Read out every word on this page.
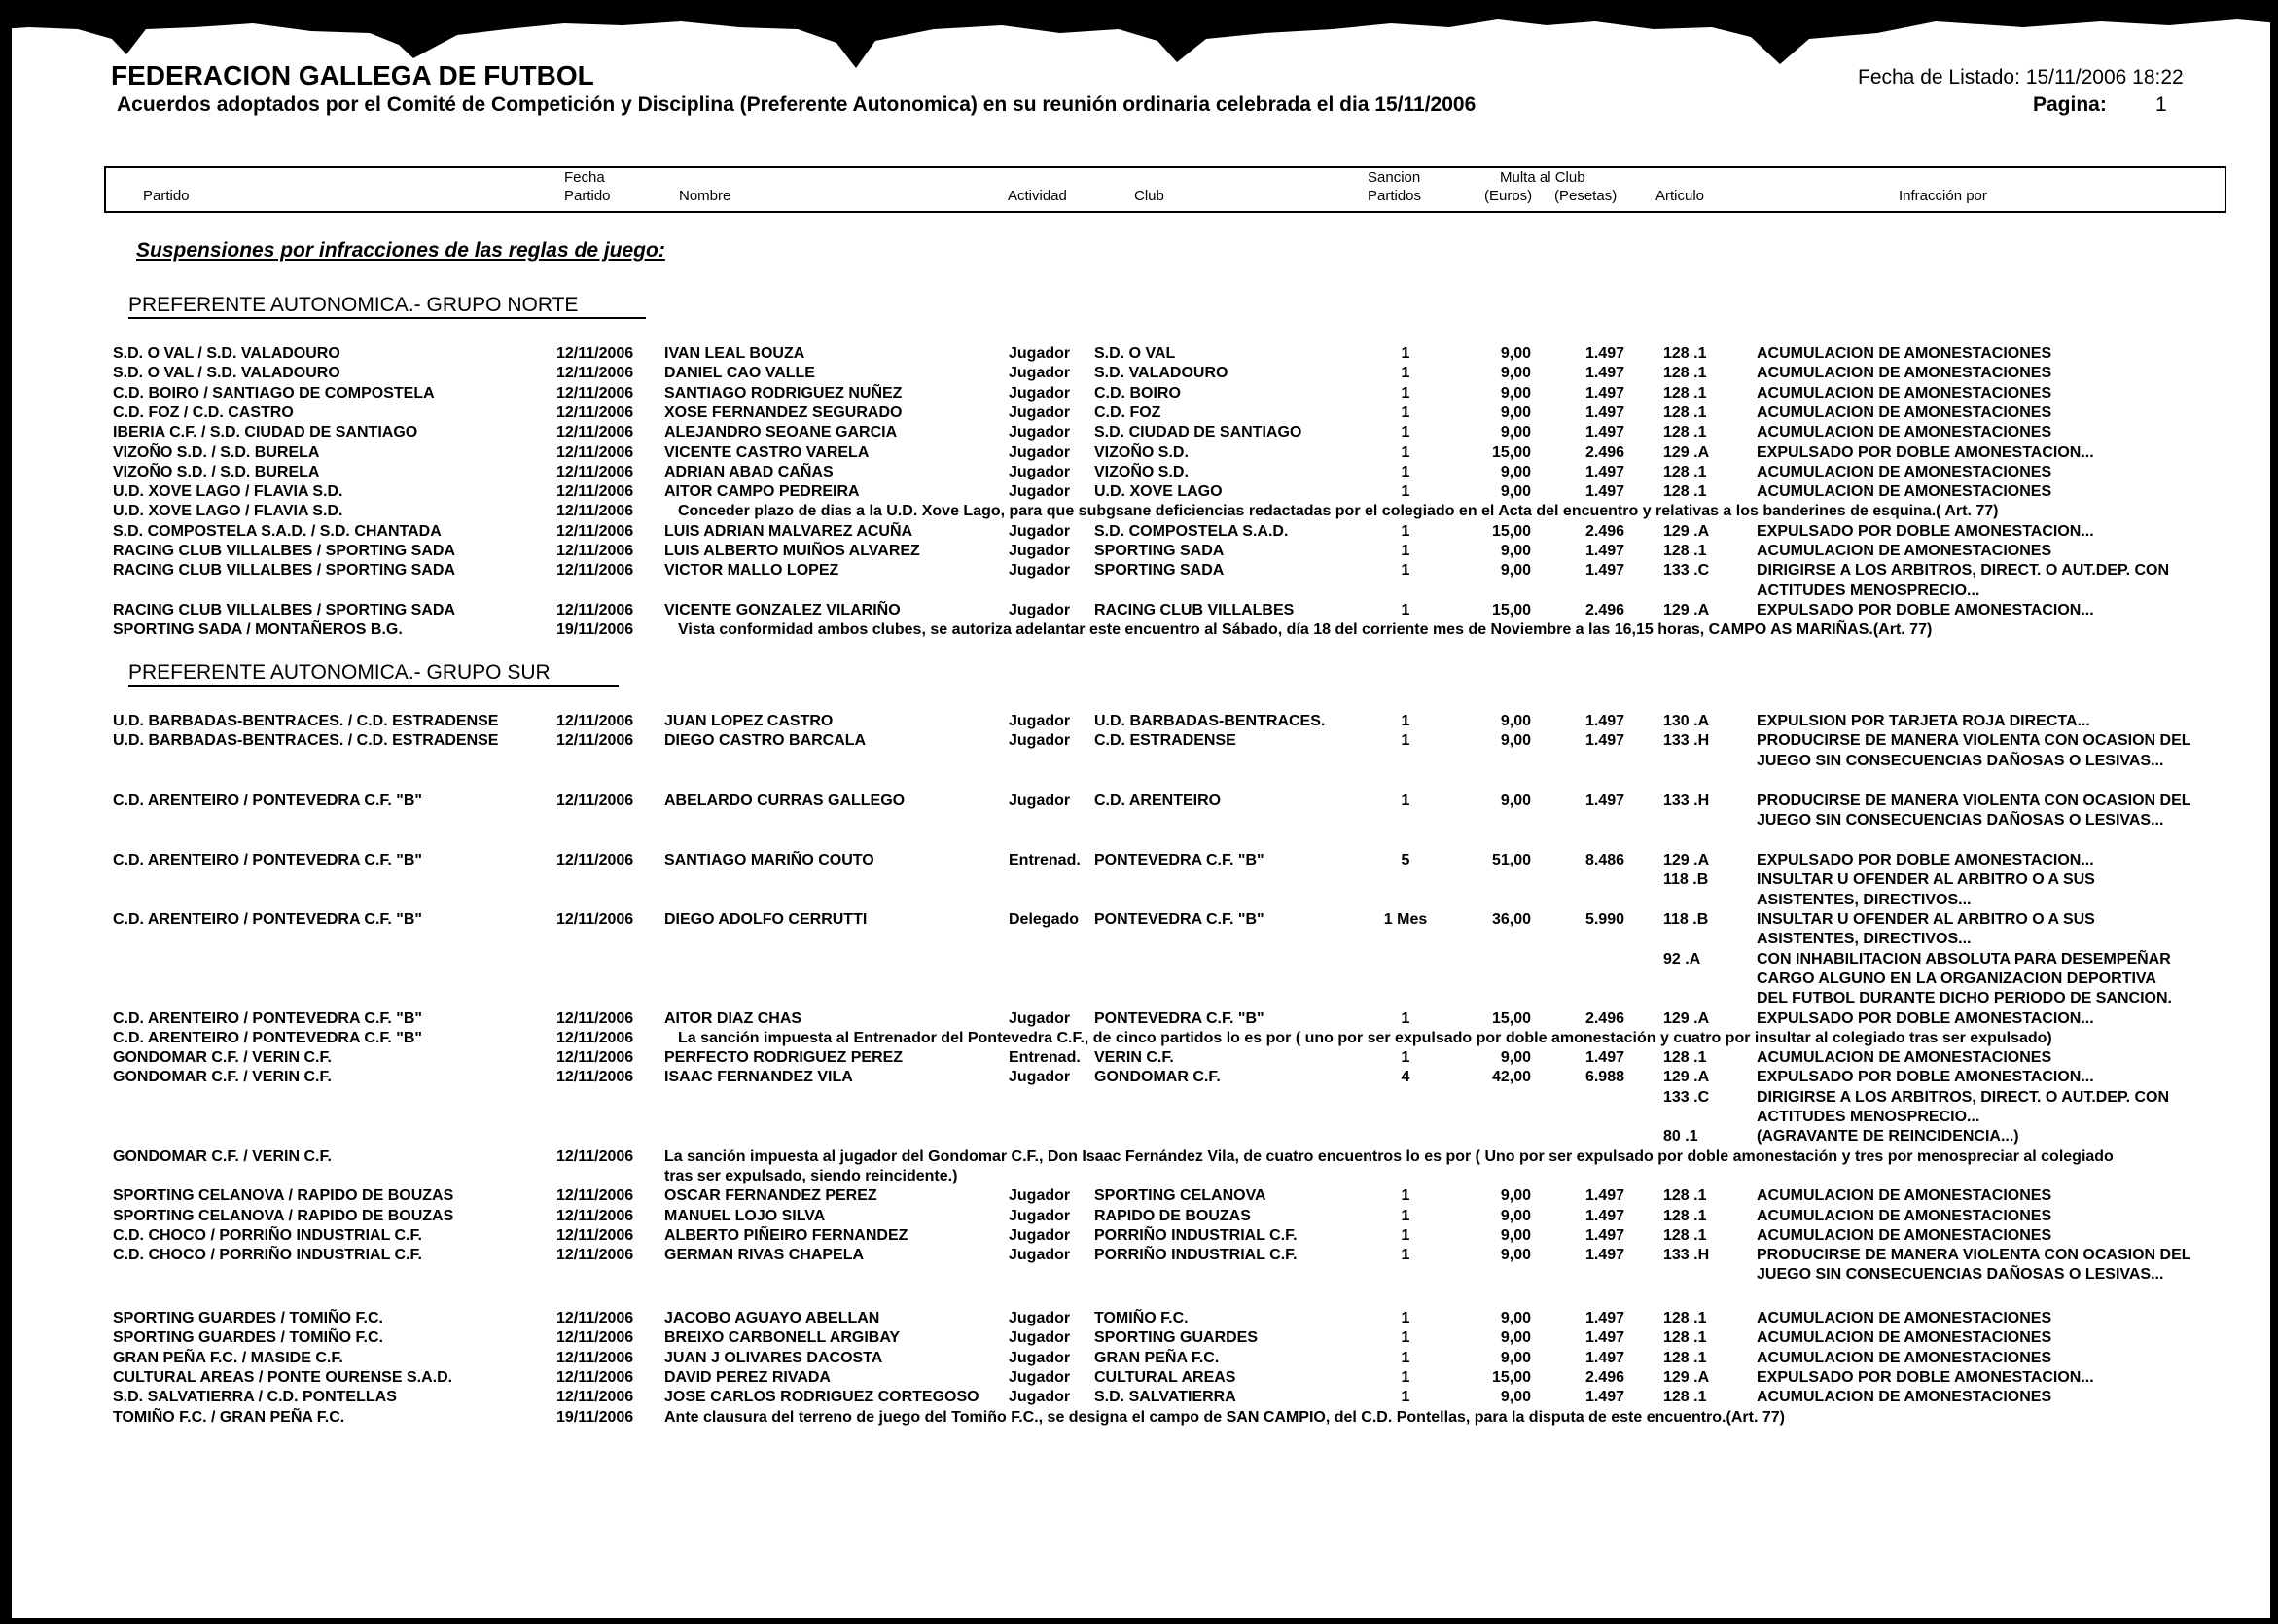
FEDERACION GALLEGA DE FUTBOL
Acuerdos adoptados por el Comité de Competición y Disciplina (Preferente Autonomica) en su reunión ordinaria celebrada el dia 15/11/2006
Fecha de Listado: 15/11/2006 18:22
Pagina: 1
Partido
Fecha
Partido	Nombre	Actividad	Club
Sancion
Partidos
Multa al Club
(Euros) (Pesetas)	Articulo	Infracción por
Suspensiones por infracciones de las reglas de juego:
PREFERENTE AUTONOMICA.- GRUPO NORTE
S.D. O VAL / S.D. VALADOURO	12/11/2006 IVAN LEAL BOUZA	Jugador S.D. O VAL	1	9,00	1.497	128 .1	ACUMULACION DE AMONESTACIONES
S.D. O VAL / S.D. VALADOURO	12/11/2006 DANIEL CAO VALLE	Jugador S.D. VALADOURO	1	9,00	1.497	128 .1	ACUMULACION DE AMONESTACIONES
C.D. BOIRO / SANTIAGO DE COMPOSTELA	12/11/2006 SANTIAGO RODRIGUEZ NUÑEZ	Jugador C.D. BOIRO	1	9,00	1.497	128 .1	ACUMULACION DE AMONESTACIONES
C.D. FOZ / C.D. CASTRO	12/11/2006 XOSE FERNANDEZ SEGURADO	Jugador C.D. FOZ	1	9,00	1.497	128 .1	ACUMULACION DE AMONESTACIONES
IBERIA C.F. / S.D. CIUDAD DE SANTIAGO	12/11/2006 ALEJANDRO SEOANE GARCIA	Jugador S.D. CIUDAD DE SANTIAGO	1	9,00	1.497	128 .1	ACUMULACION DE AMONESTACIONES
VIZOÑO S.D. / S.D. BURELA	12/11/2006 VICENTE CASTRO VARELA	Jugador VIZOÑO S.D.	1	15,00	2.496	129 .A	EXPULSADO POR DOBLE AMONESTACION...
VIZOÑO S.D. / S.D. BURELA	12/11/2006 ADRIAN ABAD CAÑAS	Jugador VIZOÑO S.D.	1	9,00	1.497	128 .1	ACUMULACION DE AMONESTACIONES
U.D. XOVE LAGO / FLAVIA S.D.	12/11/2006 AITOR CAMPO PEDREIRA	Jugador U.D. XOVE LAGO	1	9,00	1.497	128 .1	ACUMULACION DE AMONESTACIONES
U.D. XOVE LAGO / FLAVIA S.D.	12/11/2006	Conceder plazo de dias a la U.D. Xove Lago, para que subgsane deficiencias redactadas por el colegiado en el Acta del encuentro y relativas a los banderines de esquina.( Art. 77)
S.D. COMPOSTELA S.A.D. / S.D. CHANTADA	12/11/2006 LUIS ADRIAN MALVAREZ ACUÑA	Jugador S.D. COMPOSTELA S.A.D.	1	15,00	2.496	129 .A	EXPULSADO POR DOBLE AMONESTACION...
RACING CLUB VILLALBES / SPORTING SADA	12/11/2006 LUIS ALBERTO MUIÑOS ALVAREZ	Jugador SPORTING SADA	1	9,00	1.497	128 .1	ACUMULACION DE AMONESTACIONES
RACING CLUB VILLALBES / SPORTING SADA	12/11/2006 VICTOR MALLO LOPEZ	Jugador SPORTING SADA	1	9,00	1.497	133 .C	DIRIGIRSE A LOS ARBITROS, DIRECT. O AUT.DEP. CON
ACTITUDES MENOSPRECIO...
RACING CLUB VILLALBES / SPORTING SADA	12/11/2006 VICENTE GONZALEZ VILARIÑO	Jugador RACING CLUB VILLALBES	1	15,00	2.496	129 .A	EXPULSADO POR DOBLE AMONESTACION...
SPORTING SADA / MONTAÑEROS B.G.	19/11/2006	Vista conformidad ambos clubes, se autoriza adelantar este encuentro al Sábado, día 18 del corriente mes de Noviembre a las 16,15 horas, CAMPO AS MARIÑAS.(Art. 77)
U.D. BARBADAS-BENTRACES. / C.D. ESTRADENSE	12/11/2006 JUAN LOPEZ CASTRO	Jugador U.D. BARBADAS-BENTRACES.	1	9,00	1.497	130 .A	EXPULSION POR TARJETA ROJA DIRECTA...
U.D. BARBADAS-BENTRACES. / C.D. ESTRADENSE	12/11/2006 DIEGO CASTRO BARCALA	Jugador C.D. ESTRADENSE	1	9,00	1.497	133 .H	PRODUCIRSE DE MANERA VIOLENTA CON OCASION DEL
JUEGO SIN CONSECUENCIAS DAÑOSAS O LESIVAS...
C.D. ARENTEIRO / PONTEVEDRA C.F. "B"	12/11/2006 ABELARDO CURRAS GALLEGO	Jugador C.D. ARENTEIRO	1	9,00	1.497	133 .H	PRODUCIRSE DE MANERA VIOLENTA CON OCASION DEL
JUEGO SIN CONSECUENCIAS DAÑOSAS O LESIVAS...
C.D. ARENTEIRO / PONTEVEDRA C.F. "B"	12/11/2006 SANTIAGO MARIÑO COUTO	Entrenad. PONTEVEDRA C.F. "B"	5	51,00	8.486	129 .A	EXPULSADO POR DOBLE AMONESTACION...
118 .B	INSULTAR U OFENDER AL ARBITRO O A SUS
ASISTENTES, DIRECTIVOS...
C.D. ARENTEIRO / PONTEVEDRA C.F. "B"	12/11/2006 DIEGO ADOLFO CERRUTTI	Delegado PONTEVEDRA C.F. "B"	1 Mes	36,00	5.990	118 .B	INSULTAR U OFENDER AL ARBITRO O A SUS
ASISTENTES, DIRECTIVOS...
92 .A	CON INHABILITACION ABSOLUTA PARA DESEMPEÑAR
CARGO ALGUNO EN LA ORGANIZACION DEPORTIVA
DEL FUTBOL DURANTE DICHO PERIODO DE SANCION.
C.D. ARENTEIRO / PONTEVEDRA C.F. "B"	12/11/2006 AITOR DIAZ CHAS	Jugador PONTEVEDRA C.F. "B"	1	15,00	2.496	129 .A	EXPULSADO POR DOBLE AMONESTACION...
C.D. ARENTEIRO / PONTEVEDRA C.F. "B"	12/11/2006	La sanción impuesta al Entrenador del Pontevedra C.F., de cinco partidos lo es por ( uno por ser expulsado por doble amonestación y cuatro por insultar al colegiado tras ser expulsado)
GONDOMAR C.F. / VERIN C.F.	12/11/2006 PERFECTO RODRIGUEZ PEREZ	Entrenad. VERIN C.F.	1	9,00	1.497	128 .1	ACUMULACION DE AMONESTACIONES
GONDOMAR C.F. / VERIN C.F.	12/11/2006 ISAAC FERNANDEZ VILA	Jugador GONDOMAR C.F.	4	42,00	6.988	129 .A	EXPULSADO POR DOBLE AMONESTACION...
133 .C	DIRIGIRSE A LOS ARBITROS, DIRECT. O AUT.DEP. CON
ACTITUDES MENOSPRECIO...
80 .1	(AGRAVANTE DE REINCIDENCIA...)
GONDOMAR C.F. / VERIN C.F.	12/11/2006 La sanción impuesta al jugador del Gondomar C.F., Don Isaac Fernández Vila, de cuatro encuentros lo es por ( Uno por ser expulsado por doble amonestación y tres por menospreciar al colegiado
tras ser expulsado, siendo reincidente.)
SPORTING CELANOVA / RAPIDO DE BOUZAS	12/11/2006 OSCAR FERNANDEZ PEREZ	Jugador SPORTING CELANOVA	1	9,00	1.497	128 .1	ACUMULACION DE AMONESTACIONES
SPORTING CELANOVA / RAPIDO DE BOUZAS	12/11/2006 MANUEL LOJO SILVA	Jugador RAPIDO DE BOUZAS	1	9,00	1.497	128 .1	ACUMULACION DE AMONESTACIONES
C.D. CHOCO / PORRIÑO INDUSTRIAL C.F.	12/11/2006 ALBERTO PIÑEIRO FERNANDEZ	Jugador PORRIÑO INDUSTRIAL C.F.	1	9,00	1.497	128 .1	ACUMULACION DE AMONESTACIONES
C.D. CHOCO / PORRIÑO INDUSTRIAL C.F.	12/11/2006 GERMAN RIVAS CHAPELA	Jugador PORRIÑO INDUSTRIAL C.F.	1	9,00	1.497	133 .H	PRODUCIRSE DE MANERA VIOLENTA CON OCASION DEL
JUEGO SIN CONSECUENCIAS DAÑOSAS O LESIVAS...
SPORTING GUARDES / TOMIÑO F.C.	12/11/2006 JACOBO AGUAYO ABELLAN	Jugador TOMIÑO F.C.	1	9,00	1.497	128 .1	ACUMULACION DE AMONESTACIONES
SPORTING GUARDES / TOMIÑO F.C.	12/11/2006 BREIXO CARBONELL ARGIBAY	Jugador SPORTING GUARDES	1	9,00	1.497	128 .1	ACUMULACION DE AMONESTACIONES
GRAN PEÑA F.C. / MASIDE C.F.	12/11/2006 JUAN J OLIVARES DACOSTA	Jugador GRAN PEÑA F.C.	1	9,00	1.497	128 .1	ACUMULACION DE AMONESTACIONES
CULTURAL AREAS / PONTE OURENSE S.A.D.	12/11/2006 DAVID PEREZ RIVADA	Jugador CULTURAL AREAS	1	15,00	2.496	129 .A	EXPULSADO POR DOBLE AMONESTACION...
S.D. SALVATIERRA / C.D. PONTELLAS	12/11/2006 JOSE CARLOS RODRIGUEZ CORTEGOSO Jugador S.D. SALVATIERRA	1	9,00	1.497	128 .1	ACUMULACION DE AMONESTACIONES
TOMIÑO F.C. / GRAN PEÑA F.C.	19/11/2006 Ante clausura del terreno de juego del Tomiño F.C., se designa el campo de SAN CAMPIO, del C.D. Pontellas, para la disputa de este encuentro.(Art. 77)
PREFERENTE AUTONOMICA.- GRUPO SUR
